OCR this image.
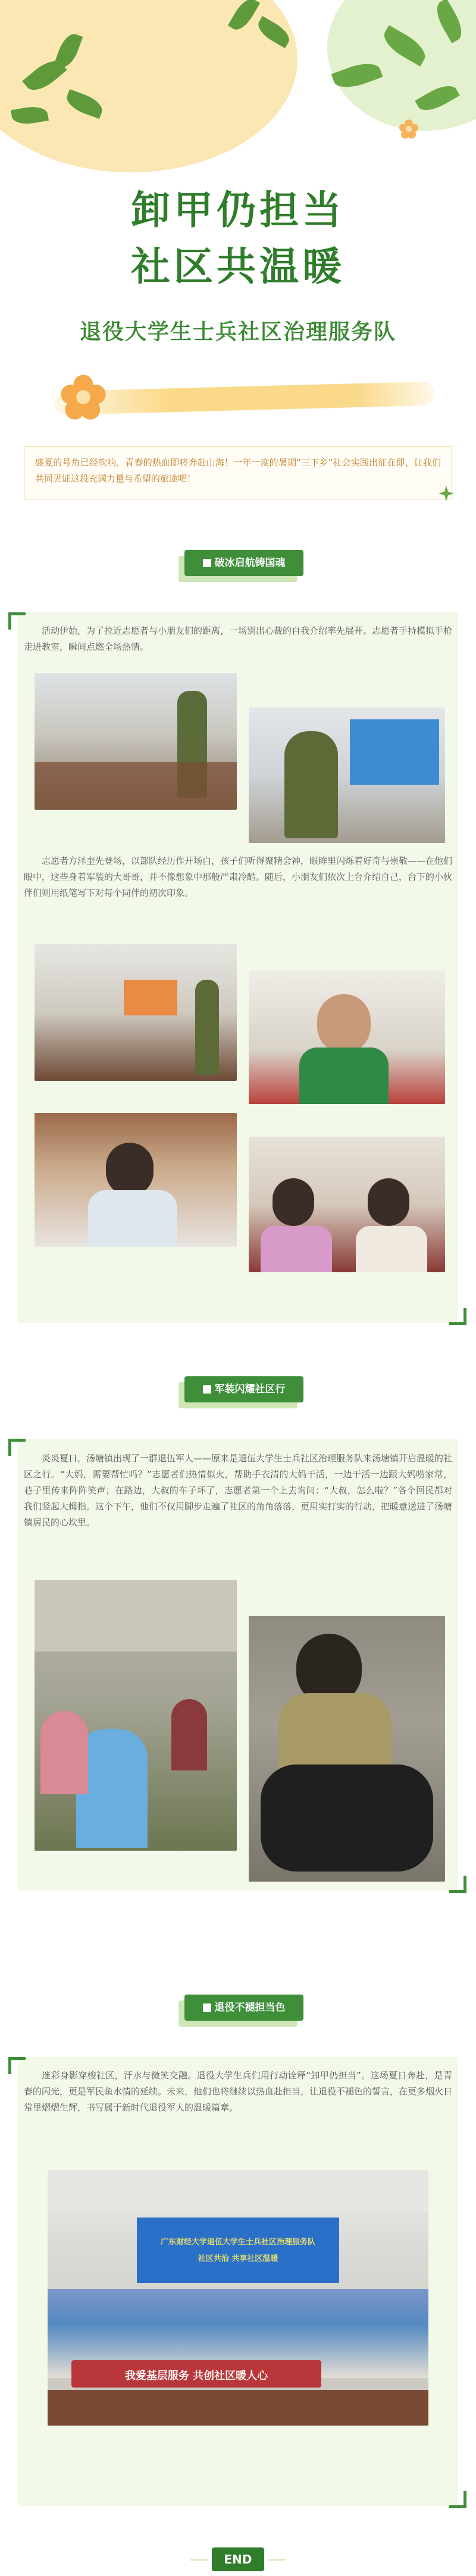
卸甲仍担当
社区共温暖
退役大学生士兵社区治理服务队
盛夏的号角已经吹响，青春的热血即将奔赴山海！一年一度的暑期“三下乡”社会实践出征在即，让我们共同见证这段充满力量与希望的旅途吧！
破冰启航铸国魂
活动伊始，为了拉近志愿者与小朋友们的距离，一场别出心裁的自我介绍率先展开。志愿者手持模拟手枪走进教室，瞬间点燃全场热情。
志愿者方泽奎先登场，以部队经历作开场白，孩子们听得聚精会神，眼眸里闪烁着好奇与崇敬——在他们眼中，这些身着军装的大哥哥，并不像想象中那般严肃冷酷。随后，小朋友们依次上台介绍自己，台下的小伙伴们则用纸笔写下对每个同伴的初次印象。
军装闪耀社区行
炎炎夏日，汤塘镇出现了一群退伍军人——原来是退伍大学生士兵社区治理服务队来汤塘镇开启温暖的社区之行。“大妈，需要帮忙吗？”志愿者们热情似火，帮助手衣清的大妈干活，一边干活一边跟大妈唠家常，巷子里传来阵阵笑声；在路边，大叔的车子坏了，志愿者第一个上去询问：“大叔，怎么啦？”各个回民都对我们竖起大拇指。这个下午，他们不仅用脚步走遍了社区的角角落落，更用实打实的行动，把暖意送进了汤塘镇居民的心坎里。
退役不褪担当色
迷彩身影穿梭社区，汗水与微笑交融。退役大学生兵们用行动诠释“卸甲仍担当”。这场夏日奔赴，是青春的闪光，更是军民鱼水情的延续。未来，他们也将继续以热血赴担当，让退役不褪色的誓言，在更多烟火日常里熠熠生辉，书写属于新时代退役军人的温暖篇章。
广东财经大学退伍大学生士兵社区治理服务队
社区共治 共享社区温暖
我爱基层服务 共创社区暖人心
END
